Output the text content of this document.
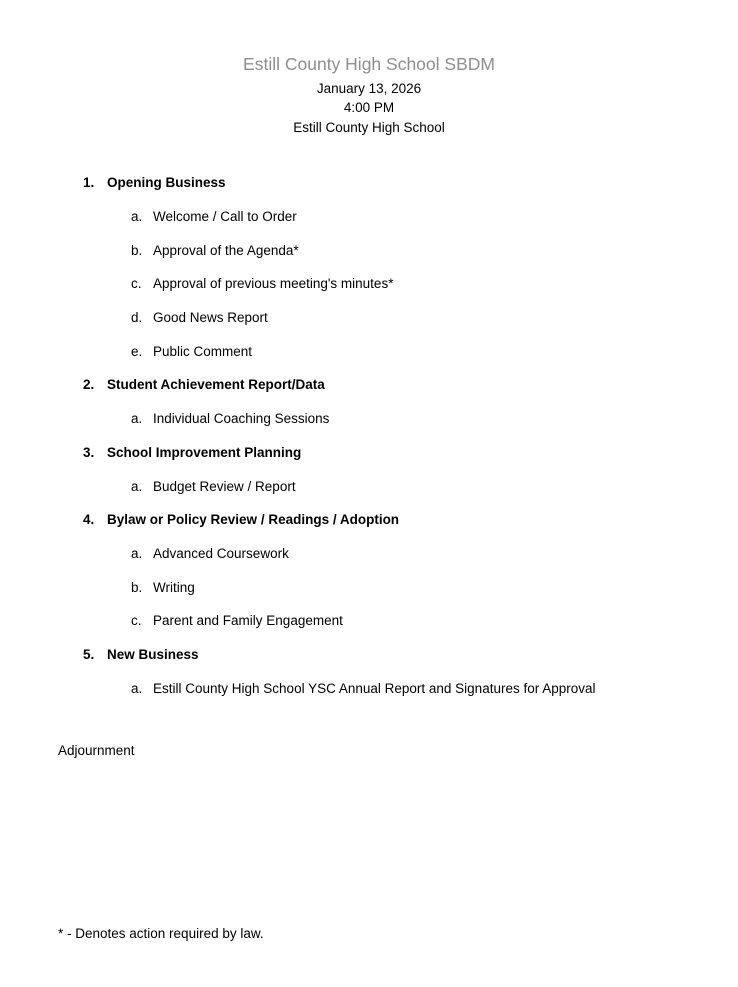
Estill County High School SBDM
January 13, 2026
4:00 PM
Estill County High School
1. Opening Business
a. Welcome / Call to Order
b. Approval of the Agenda*
c. Approval of previous meeting's minutes*
d. Good News Report
e. Public Comment
2. Student Achievement Report/Data
a. Individual Coaching Sessions
3. School Improvement Planning
a. Budget Review / Report
4. Bylaw or Policy Review / Readings / Adoption
a. Advanced Coursework
b. Writing
c. Parent and Family Engagement
5. New Business
a. Estill County High School YSC Annual Report and Signatures for Approval
Adjournment
* - Denotes action required by law.
